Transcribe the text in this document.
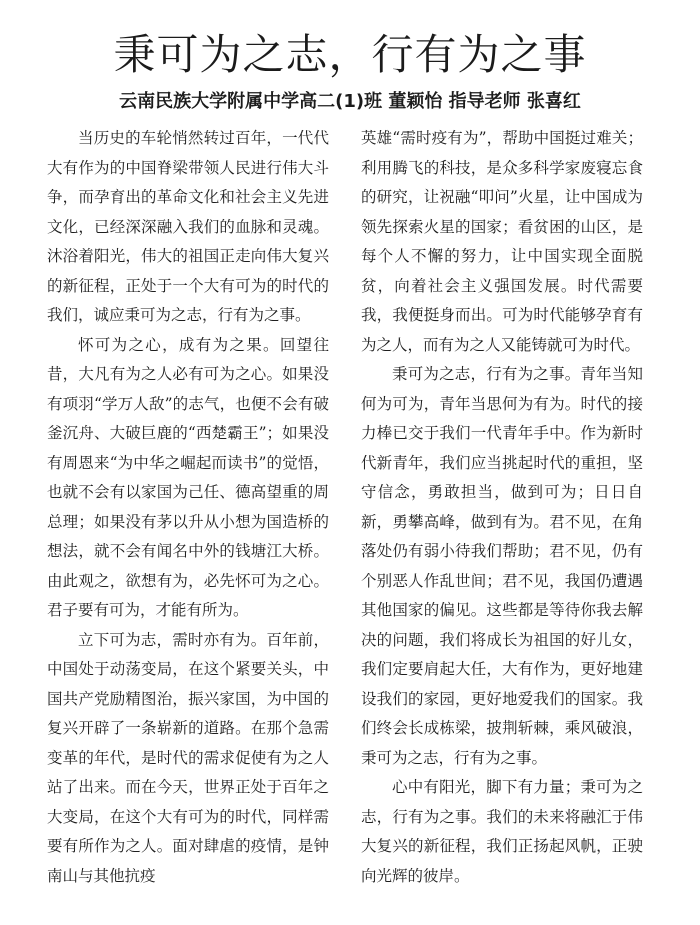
秉可为之志，行有为之事
云南民族大学附属中学高二(1)班 董颖怡 指导老师 张喜红

当历史的车轮悄然转过百年，一代代大有作为的中国脊梁带领人民进行伟大斗争，而孕育出的革命文化和社会主义先进文化，已经深深融入我们的血脉和灵魂。沐浴着阳光，伟大的祖国正走向伟大复兴的新征程，正处于一个大有可为的时代的我们，诚应秉可为之志，行有为之事。

怀可为之心，成有为之果。回望往昔，大凡有为之人必有可为之心。如果没有项羽“学万人敌”的志气，也便不会有破釜沉舟、大破巨鹿的“西楚霸王”；如果没有周恩来“为中华之崛起而读书”的觉悟，也就不会有以家国为己任、德高望重的周总理；如果没有茅以升从小想为国造桥的想法，就不会有闻名中外的钱塘江大桥。由此观之，欲想有为，必先怀可为之心。君子要有可为，才能有所为。

立下可为志，需时亦有为。百年前，中国处于动荡变局，在这个紧要关头，中国共产党励精图治，振兴家国，为中国的复兴开辟了一条崭新的道路。在那个急需变革的年代，是时代的需求促使有为之人站了出来。而在今天，世界正处于百年之大变局，在这个大有可为的时代，同样需要有所作为之人。面对肆虐的疫情，是钟南山与其他抗疫

英雄“需时疫有为”，帮助中国挺过难关；利用腾飞的科技，是众多科学家废寝忘食的研究，让祝融“叩问”火星，让中国成为领先探索火星的国家；看贫困的山区，是每个人不懈的努力，让中国实现全面脱贫，向着社会主义强国发展。时代需要我，我便挺身而出。可为时代能够孕育有为之人，而有为之人又能铸就可为时代。

秉可为之志，行有为之事。青年当知何为可为，青年当思何为有为。时代的接力棒已交于我们一代青年手中。作为新时代新青年，我们应当挑起时代的重担，坚守信念，勇敢担当，做到可为；日日自新，勇攀高峰，做到有为。君不见，在角落处仍有弱小待我们帮助；君不见，仍有个别恶人作乱世间；君不见，我国仍遭遇其他国家的偏见。这些都是等待你我去解决的问题，我们将成长为祖国的好儿女，我们定要肩起大任，大有作为，更好地建设我们的家园，更好地爱我们的国家。我们终会长成栋梁，披荆斩棘，乘风破浪，秉可为之志，行有为之事。

心中有阳光，脚下有力量；秉可为之志，行有为之事。我们的未来将融汇于伟大复兴的新征程，我们正扬起风帆，正驶向光辉的彼岸。
